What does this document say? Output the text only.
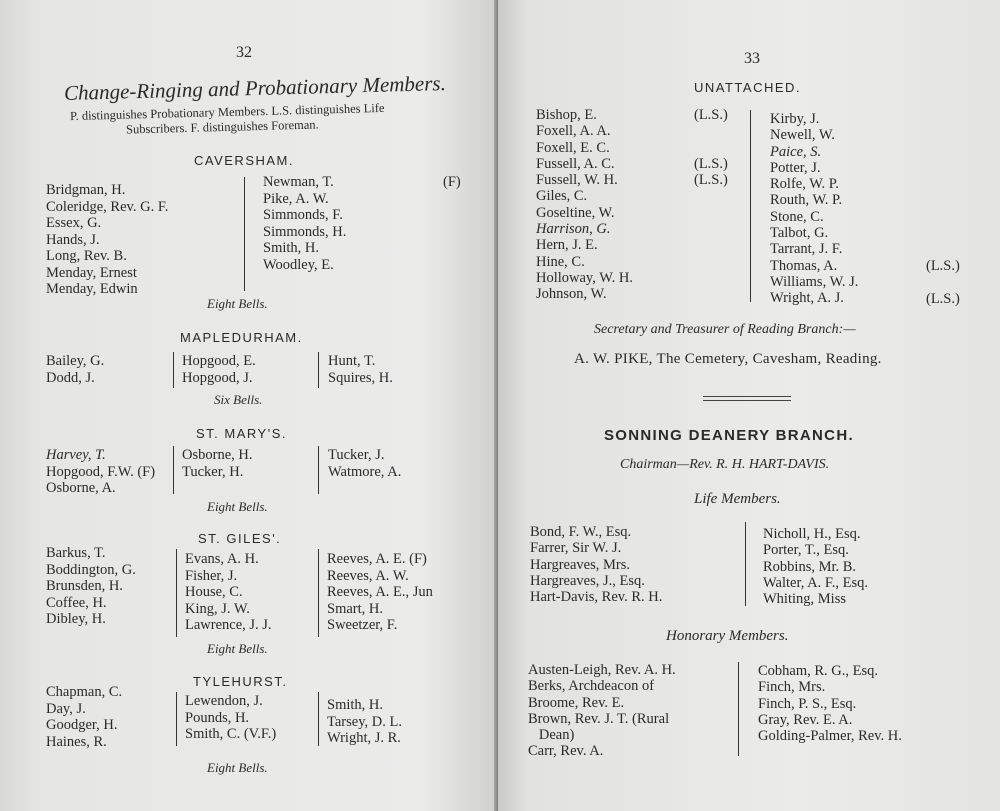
32
Change-Ringing and Probationary Members.
P. distinguishes Probationary Members. L.S. distinguishes Life
Subscribers. F. distinguishes Foreman.
CAVERSHAM.
Bridgman, H.
Coleridge, Rev. G. F.
Essex, G.
Hands, J.
Long, Rev. B.
Menday, Ernest
Menday, Edwin
Newman, T.
Pike, A. W.
Simmonds, F.
Simmonds, H.
Smith, H.
Woodley, E.
(F)
Eight Bells.
MAPLEDURHAM.
Bailey, G.
Dodd, J.
Hopgood, E.
Hopgood, J.
Hunt, T.
Squires, H.
Six Bells.
ST. MARY'S.
Harvey, T.
Hopgood, F.W. (F)
Osborne, A.
Osborne, H.
Tucker, H.
Tucker, J.
Watmore, A.
Eight Bells.
ST. GILES'.
Barkus, T.
Boddington, G.
Brunsden, H.
Coffee, H.
Dibley, H.
Evans, A. H.
Fisher, J.
House, C.
King, J. W.
Lawrence, J. J.
Reeves, A. E. (F)
Reeves, A. W.
Reeves, A. E., Jun
Smart, H.
Sweetzer, F.
Eight Bells.
TYLEHURST.
Chapman, C.
Day, J.
Goodger, H.
Haines, R.
Lewendon, J.
Pounds, H.
Smith, C. (V.F.)
Smith, H.
Tarsey, D. L.
Wright, J. R.
Eight Bells.
33
UNATTACHED.
Bishop, E.
Foxell, A. A.
Foxell, E. C.
Fussell, A. C.
Fussell, W. H.
Giles, C.
Goseltine, W.
Harrison, G.
Hern, J. E.
Hine, C.
Holloway, W. H.
Johnson, W.
(L.S.)
(L.S.)
(L.S.)
Kirby, J.
Newell, W.
Paice, S.
Potter, J.
Rolfe, W. P.
Routh, W. P.
Stone, C.
Talbot, G.
Tarrant, J. F.
Thomas, A.
Williams, W. J.
Wright, A. J.
(L.S.)
(L.S.)
Secretary and Treasurer of Reading Branch:—
A. W. PIKE, The Cemetery, Cavesham, Reading.
SONNING DEANERY BRANCH.
Chairman—Rev. R. H. HART-DAVIS.
Life Members.
Bond, F. W., Esq.
Farrer, Sir W. J.
Hargreaves, Mrs.
Hargreaves, J., Esq.
Hart-Davis, Rev. R. H.
Nicholl, H., Esq.
Porter, T., Esq.
Robbins, Mr. B.
Walter, A. F., Esq.
Whiting, Miss
Honorary Members.
Austen-Leigh, Rev. A. H.
Berks, Archdeacon of
Broome, Rev. E.
Brown, Rev. J. T. (Rural
Dean)
Carr, Rev. A.
Cobham, R. G., Esq.
Finch, Mrs.
Finch, P. S., Esq.
Gray, Rev. E. A.
Golding-Palmer, Rev. H.
